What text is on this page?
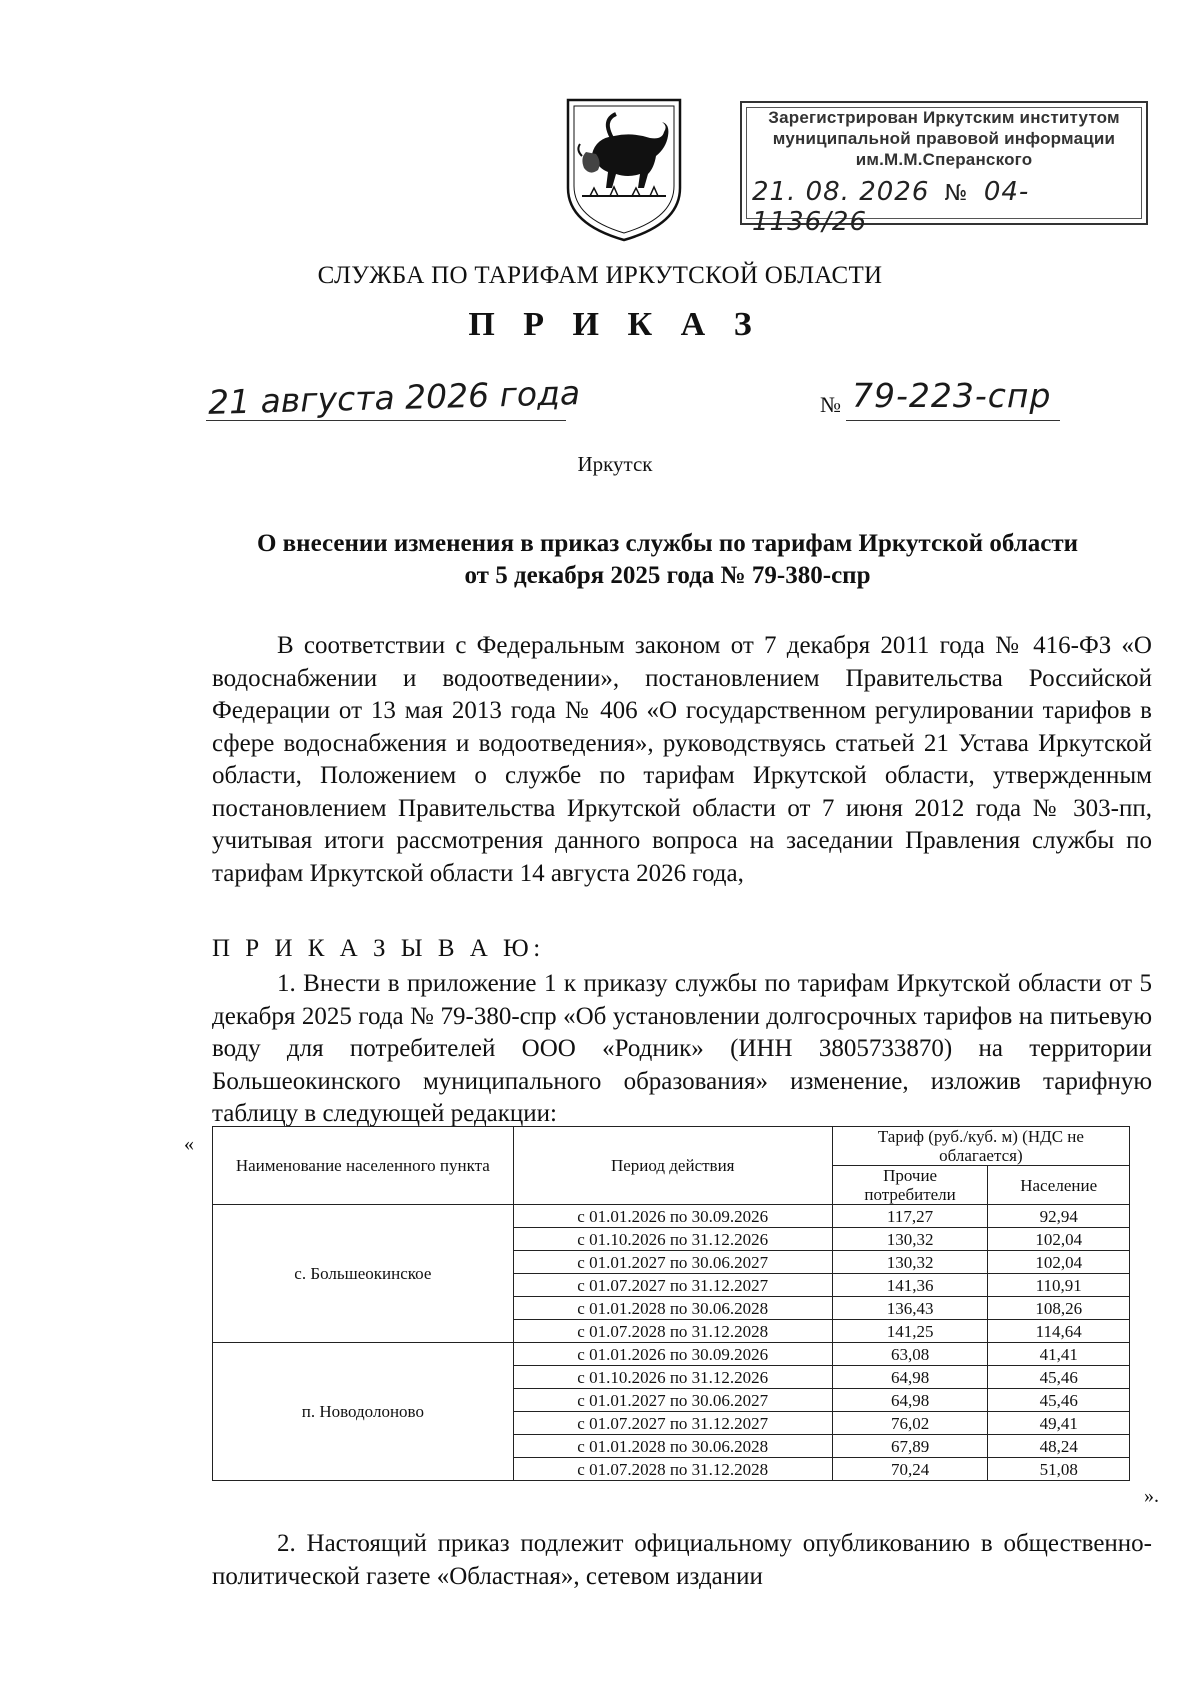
Зарегистрирован Иркутским институтом
муниципальной правовой информации
им.М.М.Сперанского
21. 08. 2026 № 04-1136/26
СЛУЖБА ПО ТАРИФАМ ИРКУТСКОЙ ОБЛАСТИ
П Р И К А З
21 августа 2026 года	№ 79-223-спр
Иркутск
О внесении изменения в приказ службы по тарифам Иркутской области
от 5 декабря 2025 года № 79-380-спр

В соответствии с Федеральным законом от 7 декабря 2011 года № 416-ФЗ «О водоснабжении и водоотведении», постановлением Правительства Российской Федерации от 13 мая 2013 года № 406 «О государственном регулировании тарифов в сфере водоснабжения и водоотведения», руководствуясь статьей 21 Устава Иркутской области, Положением о службе по тарифам Иркутской области, утвержденным постановлением Правительства Иркутской области от 7 июня 2012 года № 303-пп, учитывая итоги рассмотрения данного вопроса на заседании Правления службы по тарифам Иркутской области 14 августа 2026 года,

П Р И К А З Ы В А Ю:

1. Внести в приложение 1 к приказу службы по тарифам Иркутской области от 5 декабря 2025 года № 79-380-спр «Об установлении долгосрочных тарифов на питьевую воду для потребителей ООО «Родник» (ИНН 3805733870) на территории Большеокинского муниципального образования» изменение, изложив тарифную таблицу в следующей редакции:

«
Наименование населенного пункта	Период действия	Тариф (руб./куб. м) (НДС не облагается)	
		Прочие потребители	Население
с. Большеокинское	с 01.01.2026 по 30.09.2026	117,27	92,94
	с 01.10.2026 по 31.12.2026	130,32	102,04
	с 01.01.2027 по 30.06.2027	130,32	102,04
	с 01.07.2027 по 31.12.2027	141,36	110,91
	с 01.01.2028 по 30.06.2028	136,43	108,26
	с 01.07.2028 по 31.12.2028	141,25	114,64
п. Новодолоново	с 01.01.2026 по 30.09.2026	63,08	41,41
	с 01.10.2026 по 31.12.2026	64,98	45,46
	с 01.01.2027 по 30.06.2027	64,98	45,46
	с 01.07.2027 по 31.12.2027	76,02	49,41
	с 01.01.2028 по 30.06.2028	67,89	48,24
	с 01.07.2028 по 31.12.2028	70,24	51,08
».

2. Настоящий приказ подлежит официальному опубликованию в общественно-политической газете «Областная», сетевом издании
